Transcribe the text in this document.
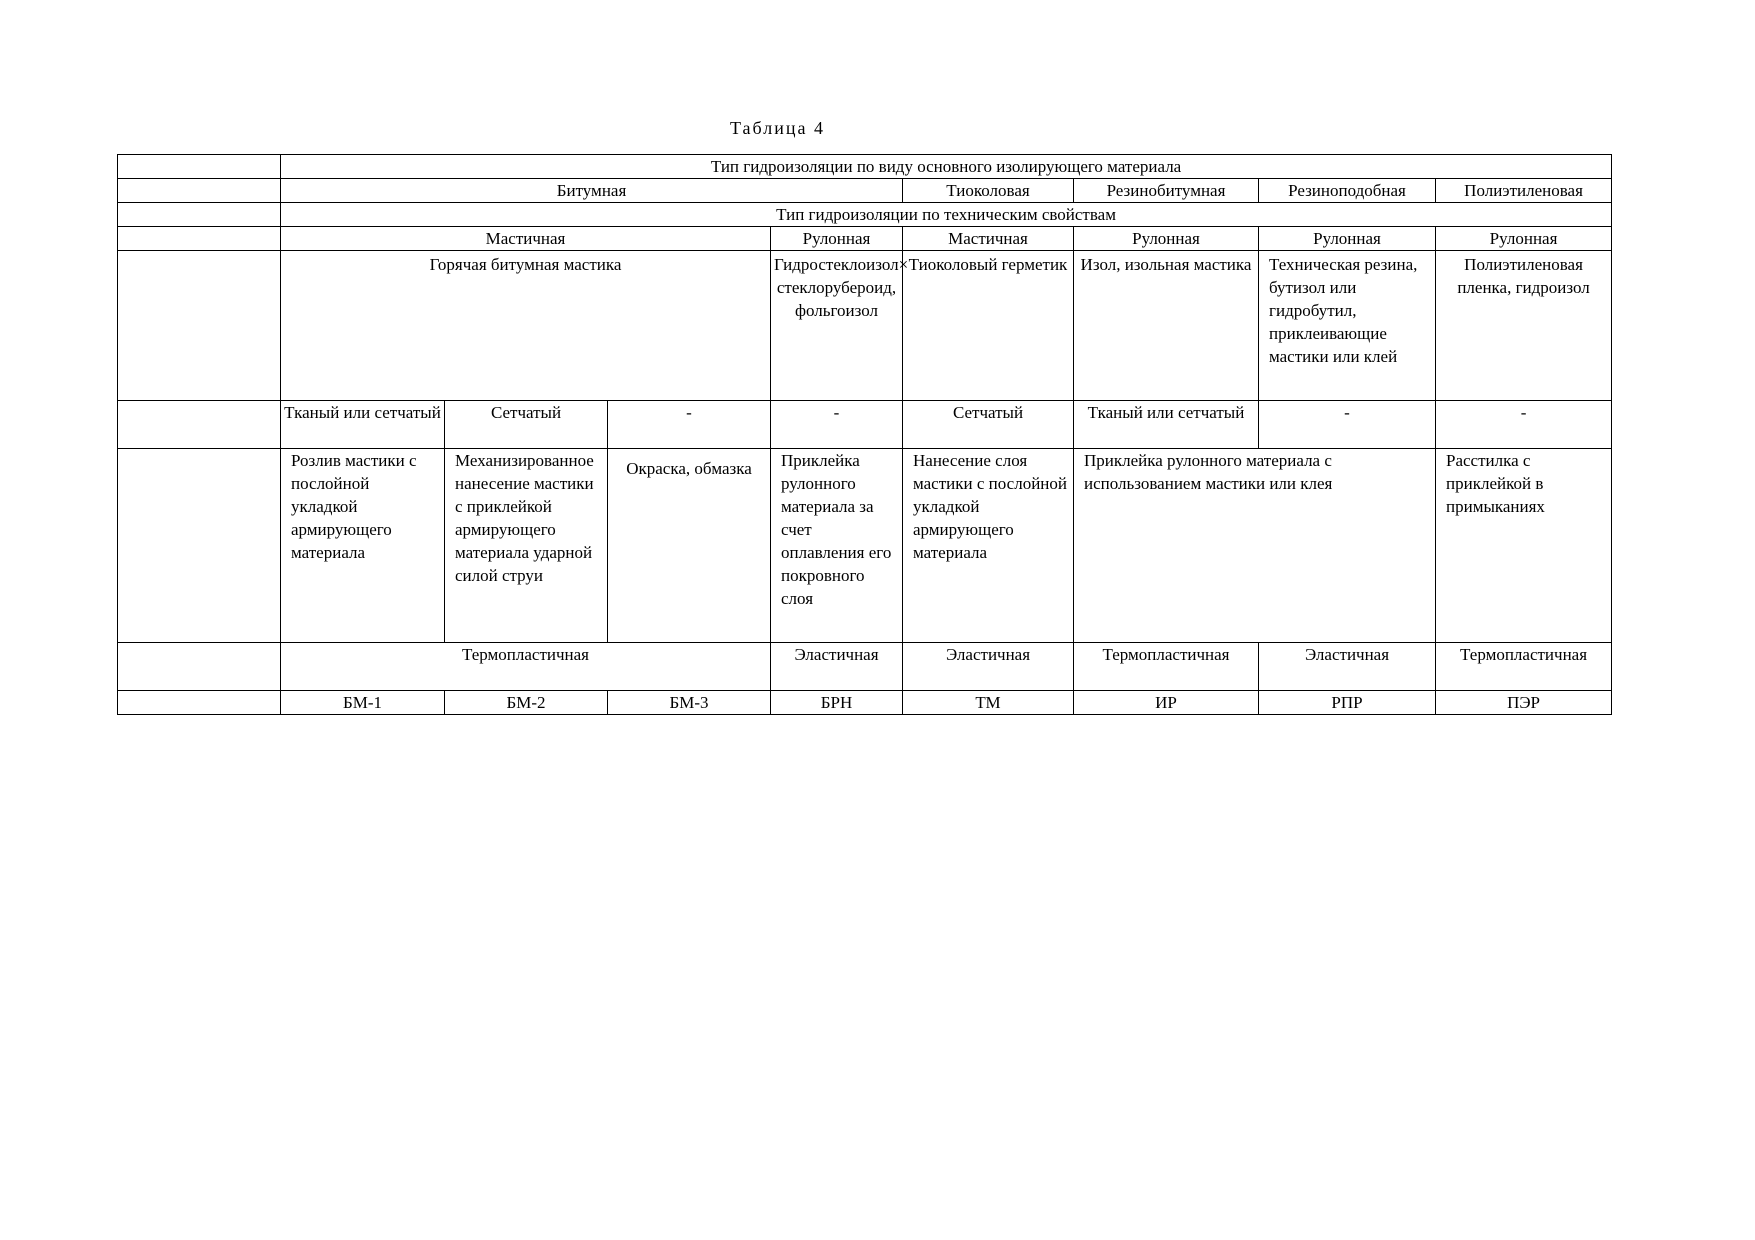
Таблица 4
	Тип гидроизоляции по виду основного изолирующего материала							
	Битумная				Тиоколовая	Резинобитумная	Резиноподобная	Полиэтиленовая
	Тип гидроизоляции по техническим свойствам							
	Мастичная			Рулонная	Мастичная	Рулонная	Рулонная	Рулонная
	Горячая битумная мастика			Гидростеклоизол× стеклорубероид, фольгоизол	Тиоколовый герметик	Изол, изольная мастика	Техническая резина, бутизол или гидробутил, приклеивающие мастики или клей	Полиэтиленовая пленка, гидроизол
	Тканый или сетчатый	Сетчатый	-	-	Сетчатый	Тканый или сетчатый	-	-
	Розлив мастики с послойной укладкой армирующего материала	Механизированное нанесение мастики с приклейкой армирующего материала ударной силой струи	Окраска, обмазка	Приклейка рулонного материала за счет оплавления его покровного слоя	Нанесение слоя мастики с послойной укладкой армирующего материала	Приклейка рулонного материала с использованием мастики или клея		Расстилка с приклейкой в примыканиях
	Термопластичная			Эластичная	Эластичная	Термопластичная	Эластичная	Термопластичная
	БМ-1	БМ-2	БМ-3	БРН	ТМ	ИР	РПР	ПЭР
